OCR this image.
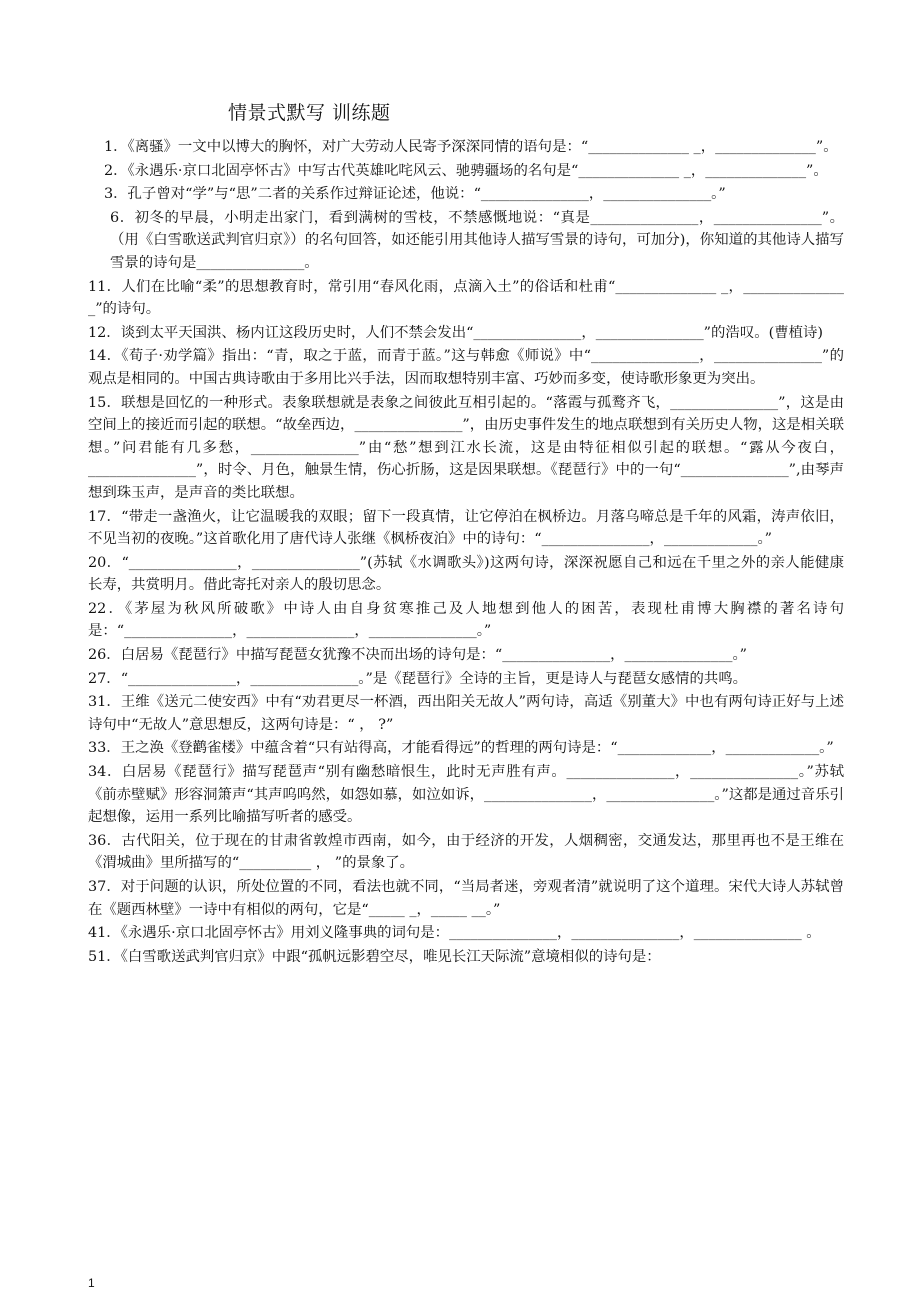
情景式默写 训练题

1．《离骚》一文中以博大的胸怀，对广大劳动人民寄予深深同情的语句是：“______________ _，______________”。

2．《永遇乐·京口北固亭怀古》中写古代英雄叱咤风云、驰骋疆场的名句是“______________ _，______________”。

3．孔子曾对“学”与“思”二者的关系作过辩证论述，他说：“_______________，_______________。”

6．初冬的早晨，小明走出家门，看到满树的雪枝，不禁感慨地说：“真是_______________，_______________”。（用《白雪歌送武判官归京》）的名句回答，如还能引用其他诗人描写雪景的诗句，可加分)，你知道的其他诗人描写雪景的诗句是_______________。

11．人们在比喻“柔”的思想教育时，常引用“春风化雨，点滴入土”的俗话和杜甫“______________ _，______________ _”的诗句。

12．谈到太平天国洪、杨内讧这段历史时，人们不禁会发出“_______________，_______________”的浩叹。(曹植诗)

14．《荀子·劝学篇》指出：“青，取之于蓝，而青于蓝。”这与韩愈《师说》中“_______________，_______________”的观点是相同的。中国古典诗歌由于多用比兴手法，因而取想特别丰富、巧妙而多变，使诗歌形象更为突出。

15．联想是回忆的一种形式。表象联想就是表象之间彼此互相引起的。“落霞与孤鹜齐飞，_______________”，这是由空间上的接近而引起的联想。“故垒西边，_______________”，由历史事件发生的地点联想到有关历史人物，这是相关联想。”问君能有几多愁，_______________”由“愁”想到江水长流，这是由特征相似引起的联想。“露从今夜白，_______________”，时令、月色，触景生情，伤心折肠，这是因果联想。《琵琶行》中的一句“_______________”,由琴声想到珠玉声，是声音的类比联想。

17．“带走一盏渔火，让它温暖我的双眼；留下一段真情，让它停泊在枫桥边。月落乌啼总是千年的风霜，涛声依旧，不见当初的夜晚。”这首歌化用了唐代诗人张继《枫桥夜泊》中的诗句：“_______________，_____________。”

20．“_______________，_______________”(苏轼《水调歌头》)这两句诗，深深祝愿自己和远在千里之外的亲人能健康长寿，共赏明月。借此寄托对亲人的殷切思念。

22．《茅屋为秋风所破歌》中诗人由自身贫寒推己及人地想到他人的困苦，表现杜甫博大胸襟的著名诗句是：“_______________，_______________，_______________。”

26．白居易《琵琶行》中描写琵琶女犹豫不决而出场的诗句是：“_______________，_______________。”

27．“_______________，_______________。”是《琵琶行》全诗的主旨，更是诗人与琵琶女感情的共鸣。

31．王维《送元二使安西》中有“劝君更尽一杯酒，西出阳关无故人”两句诗，高适《别董大》中也有两句诗正好与上述诗句中“无故人”意思想反，这两句诗是：“ ， ?”

33．王之涣《登鹳雀楼》中蕴含着“只有站得高，才能看得远”的哲理的两句诗是：“_____________，_____________。”

34．白居易《琵琶行》描写琵琶声“别有幽愁暗恨生，此时无声胜有声。_______________，_______________。”苏轼《前赤壁赋》形容洞箫声“其声呜呜然，如怨如慕，如泣如诉，_______________，_______________。”这都是通过音乐引起想像，运用一系列比喻描写听者的感受。

36．古代阳关，位于现在的甘肃省敦煌市西南，如今，由于经济的开发，人烟稠密，交通发达，那里再也不是王维在《渭城曲》里所描写的“__________ ， ”的景象了。

37．对于问题的认识，所处位置的不同，看法也就不同，“当局者迷，旁观者清”就说明了这个道理。宋代大诗人苏轼曾在《题西林壁》一诗中有相似的两句，它是“_____ _，_____ __。”

41．《永遇乐·京口北固亭怀古》用刘义隆事典的词句是：_______________，_______________，_______________ 。

51．《白雪歌送武判官归京》中跟“孤帆远影碧空尽，唯见长江天际流”意境相似的诗句是：

1
